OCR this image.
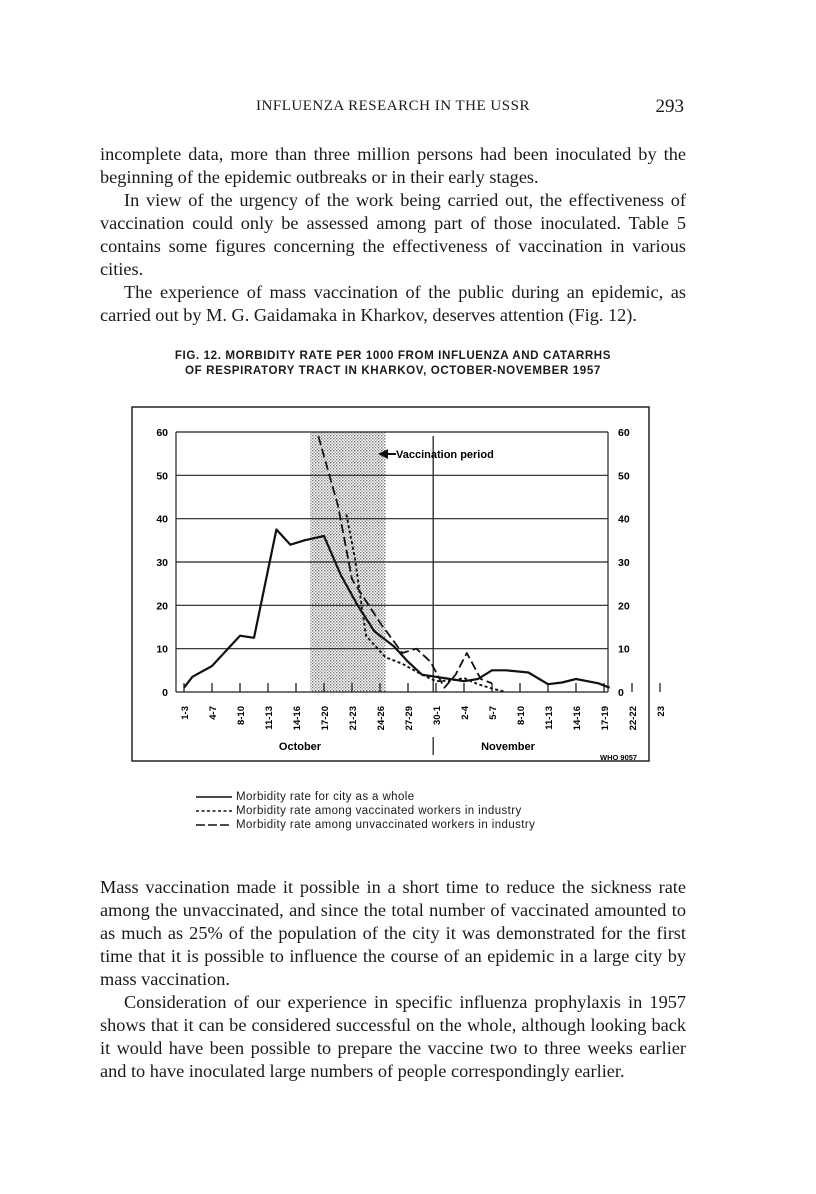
INFLUENZA RESEARCH IN THE USSR	293

incomplete data, more than three million persons had been inoculated by the beginning of the epidemic outbreaks or in their early stages.

In view of the urgency of the work being carried out, the effectiveness of vaccination could only be assessed among part of those inoculated. Table 5 contains some figures concerning the effectiveness of vaccination in various cities.

The experience of mass vaccination of the public during an epidemic, as carried out by M. G. Gaidamaka in Kharkov, deserves attention (Fig. 12).

FIG. 12. MORBIDITY RATE PER 1000 FROM INFLUENZA AND CATARRHS
OF RESPIRATORY TRACT IN KHARKOV, OCTOBER-NOVEMBER 1957
0	0
10	10
20	20
30	30
40	40
50	50
60	60
1-3 4-7 8-10 11-13 14-16 17-20 21-23 24-26 27-29 30-1 2-4 5-7 8-10 11-13 14-16 17-19 22-22 23
October	November
WHO 9057
Vaccination period
Morbidity rate for city as a whole
Morbidity rate among vaccinated workers in industry
Morbidity rate among unvaccinated workers in industry

Mass vaccination made it possible in a short time to reduce the sickness rate among the unvaccinated, and since the total number of vaccinated amounted to as much as 25% of the population of the city it was demonstrated for the first time that it is possible to influence the course of an epidemic in a large city by mass vaccination.

Consideration of our experience in specific influenza prophylaxis in 1957 shows that it can be considered successful on the whole, although looking back it would have been possible to prepare the vaccine two to three weeks earlier and to have inoculated large numbers of people correspondingly earlier.
